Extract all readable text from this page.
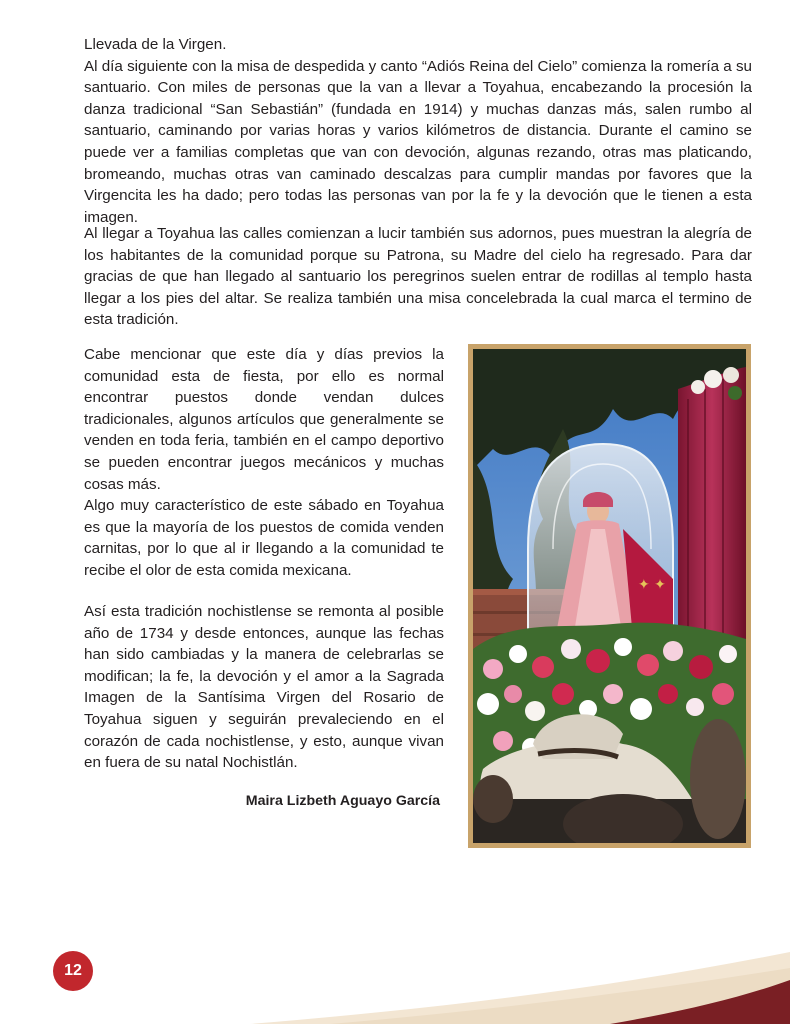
Llevada de la Virgen.
Al día siguiente con la misa de despedida y canto “Adiós Reina del Cielo” comienza la romería a su santuario. Con miles de personas que la van a llevar a Toyahua, encabezando la procesión la danza tradicional “San Sebastián” (fundada en 1914) y muchas danzas más, salen rumbo al santuario, caminando por varias horas y varios kilómetros de distancia. Durante el camino se puede ver a familias completas que van con devoción, algunas rezando, otras mas platicando, bromeando, muchas otras van caminado descalzas para cumplir mandas por favores que la Virgencita les ha dado; pero todas las personas van por la fe y la devoción que le tienen a esta imagen.

Al llegar a Toyahua las calles comienzan a lucir también sus adornos, pues muestran la alegría de los habitantes de la comunidad porque su Patrona, su Madre del cielo ha regresado. Para dar gracias de que han llegado al santuario los peregrinos suelen entrar de rodillas al templo hasta llegar a los pies del altar. Se realiza también una misa concelebrada la cual marca el termino de esta tradición.

Cabe mencionar que este día y días previos la comunidad esta de fiesta, por ello es normal encontrar puestos donde vendan dulces tradicionales, algunos artículos que generalmente se venden en toda feria, también en el campo deportivo se pueden encontrar juegos mecánicos y muchas cosas más.
Algo muy característico de este sábado en Toyahua es que la mayoría de los puestos de comida venden carnitas, por lo que al ir llegando a la comunidad te recibe el olor de esta comida mexicana.

Así esta tradición nochistlense se remonta al posible año de 1734 y desde entonces, aunque las fechas han sido cambiadas y la manera de celebrarlas se modifican; la fe, la devoción y el amor a la Sagrada Imagen de la Santísima Virgen del Rosario de Toyahua siguen y seguirán prevaleciendo en el corazón de cada nochistlense, y esto, aunque vivan en fuera de su natal Nochistlán.

Maira Lizbeth Aguayo García

✦ ✦
12
